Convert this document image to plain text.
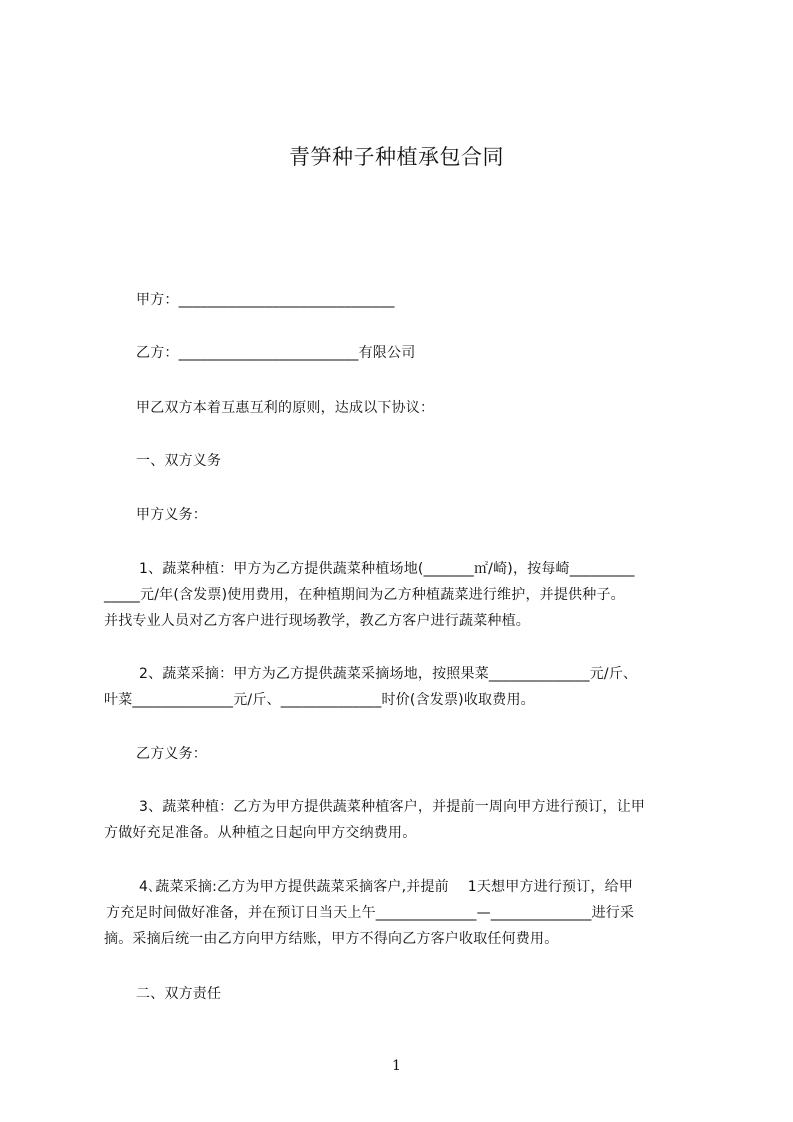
青笋种子种植承包合同
甲方：______________________________
乙方：_________________________有限公司
甲乙双方本着互惠互利的原则，达成以下协议：
一、双方义务
甲方义务：
1、蔬菜种植：甲方为乙方提供蔬菜种植场地(_______㎡/崎)，按每崎_________
_____元/年(含发票)使用费用，在种植期间为乙方种植蔬菜进行维护，并提供种子。
并找专业人员对乙方客户进行现场教学，教乙方客户进行蔬菜种植。
2、蔬菜采摘：甲方为乙方提供蔬菜采摘场地，按照果菜______________元/斤、
叶菜______________元/斤、______________时价(含发票)收取费用。
乙方义务：
3、蔬菜种植：乙方为甲方提供蔬菜种植客户，并提前一周向甲方进行预订，让甲
方做好充足准备。从种植之日起向甲方交纳费用。
4､蔬菜采摘:乙方为甲方提供蔬菜采摘客户,并提前　 1天想甲方进行预订，给甲
方充足时间做好准备，并在预订日当天上午______________—______________进行采
摘。采摘后统一由乙方向甲方结账，甲方不得向乙方客户收取任何费用。
二、双方责任
1
